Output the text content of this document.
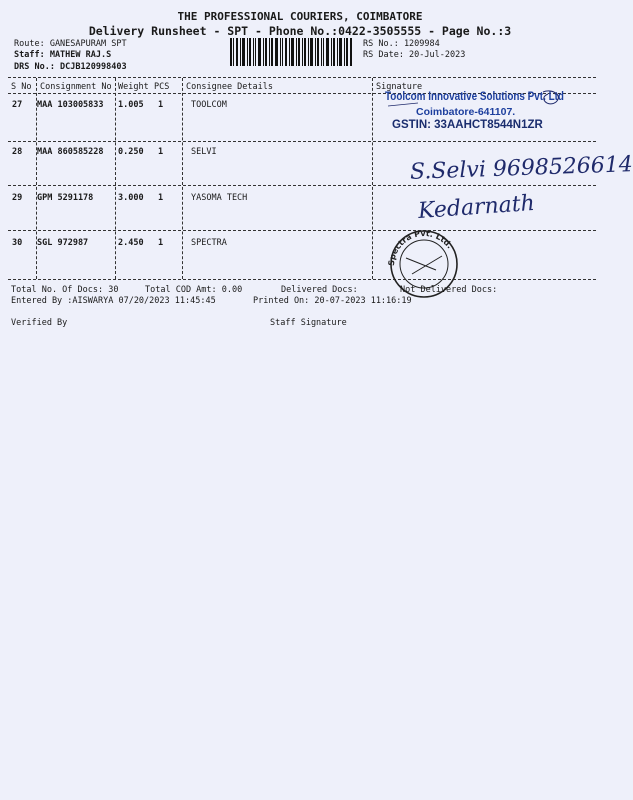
THE PROFESSIONAL COURIERS, COIMBATORE
Delivery Runsheet - SPT - Phone No.:0422-3505555 - Page No.:3
Route: GANESAPURAM SPT
Staff: MATHEW RAJ.S
DRS No.: DCJB120998403
RS No.: 1209984
RS Date: 20-Jul-2023
S No Consignment No Weight PCS Consignee Details	Signature
27 MAA 103005833 1.005 1	TOOLCOM
28 MAA 860585228 0.250 1	SELVI
29 GPM 5291178	3.000 1	YASOMA TECH
30 SGL 972987	2.450 1	SPECTRA
Toolcom Innovative Solutions Pvt. Ltd
Coimbatore-641107.
GSTIN: 33AAHCT8544N1ZR
S.Selvi 9698526614
Kedarnath
Spectra Pvt. Ltd.
Total No. Of Docs: 30	Total COD Amt: 0.00	Delivered Docs:	Not Delivered Docs:
Entered By :AISWARYA 07/20/2023 11:45:45	Printed On: 20-07-2023 11:16:19
Verified By	Staff Signature
